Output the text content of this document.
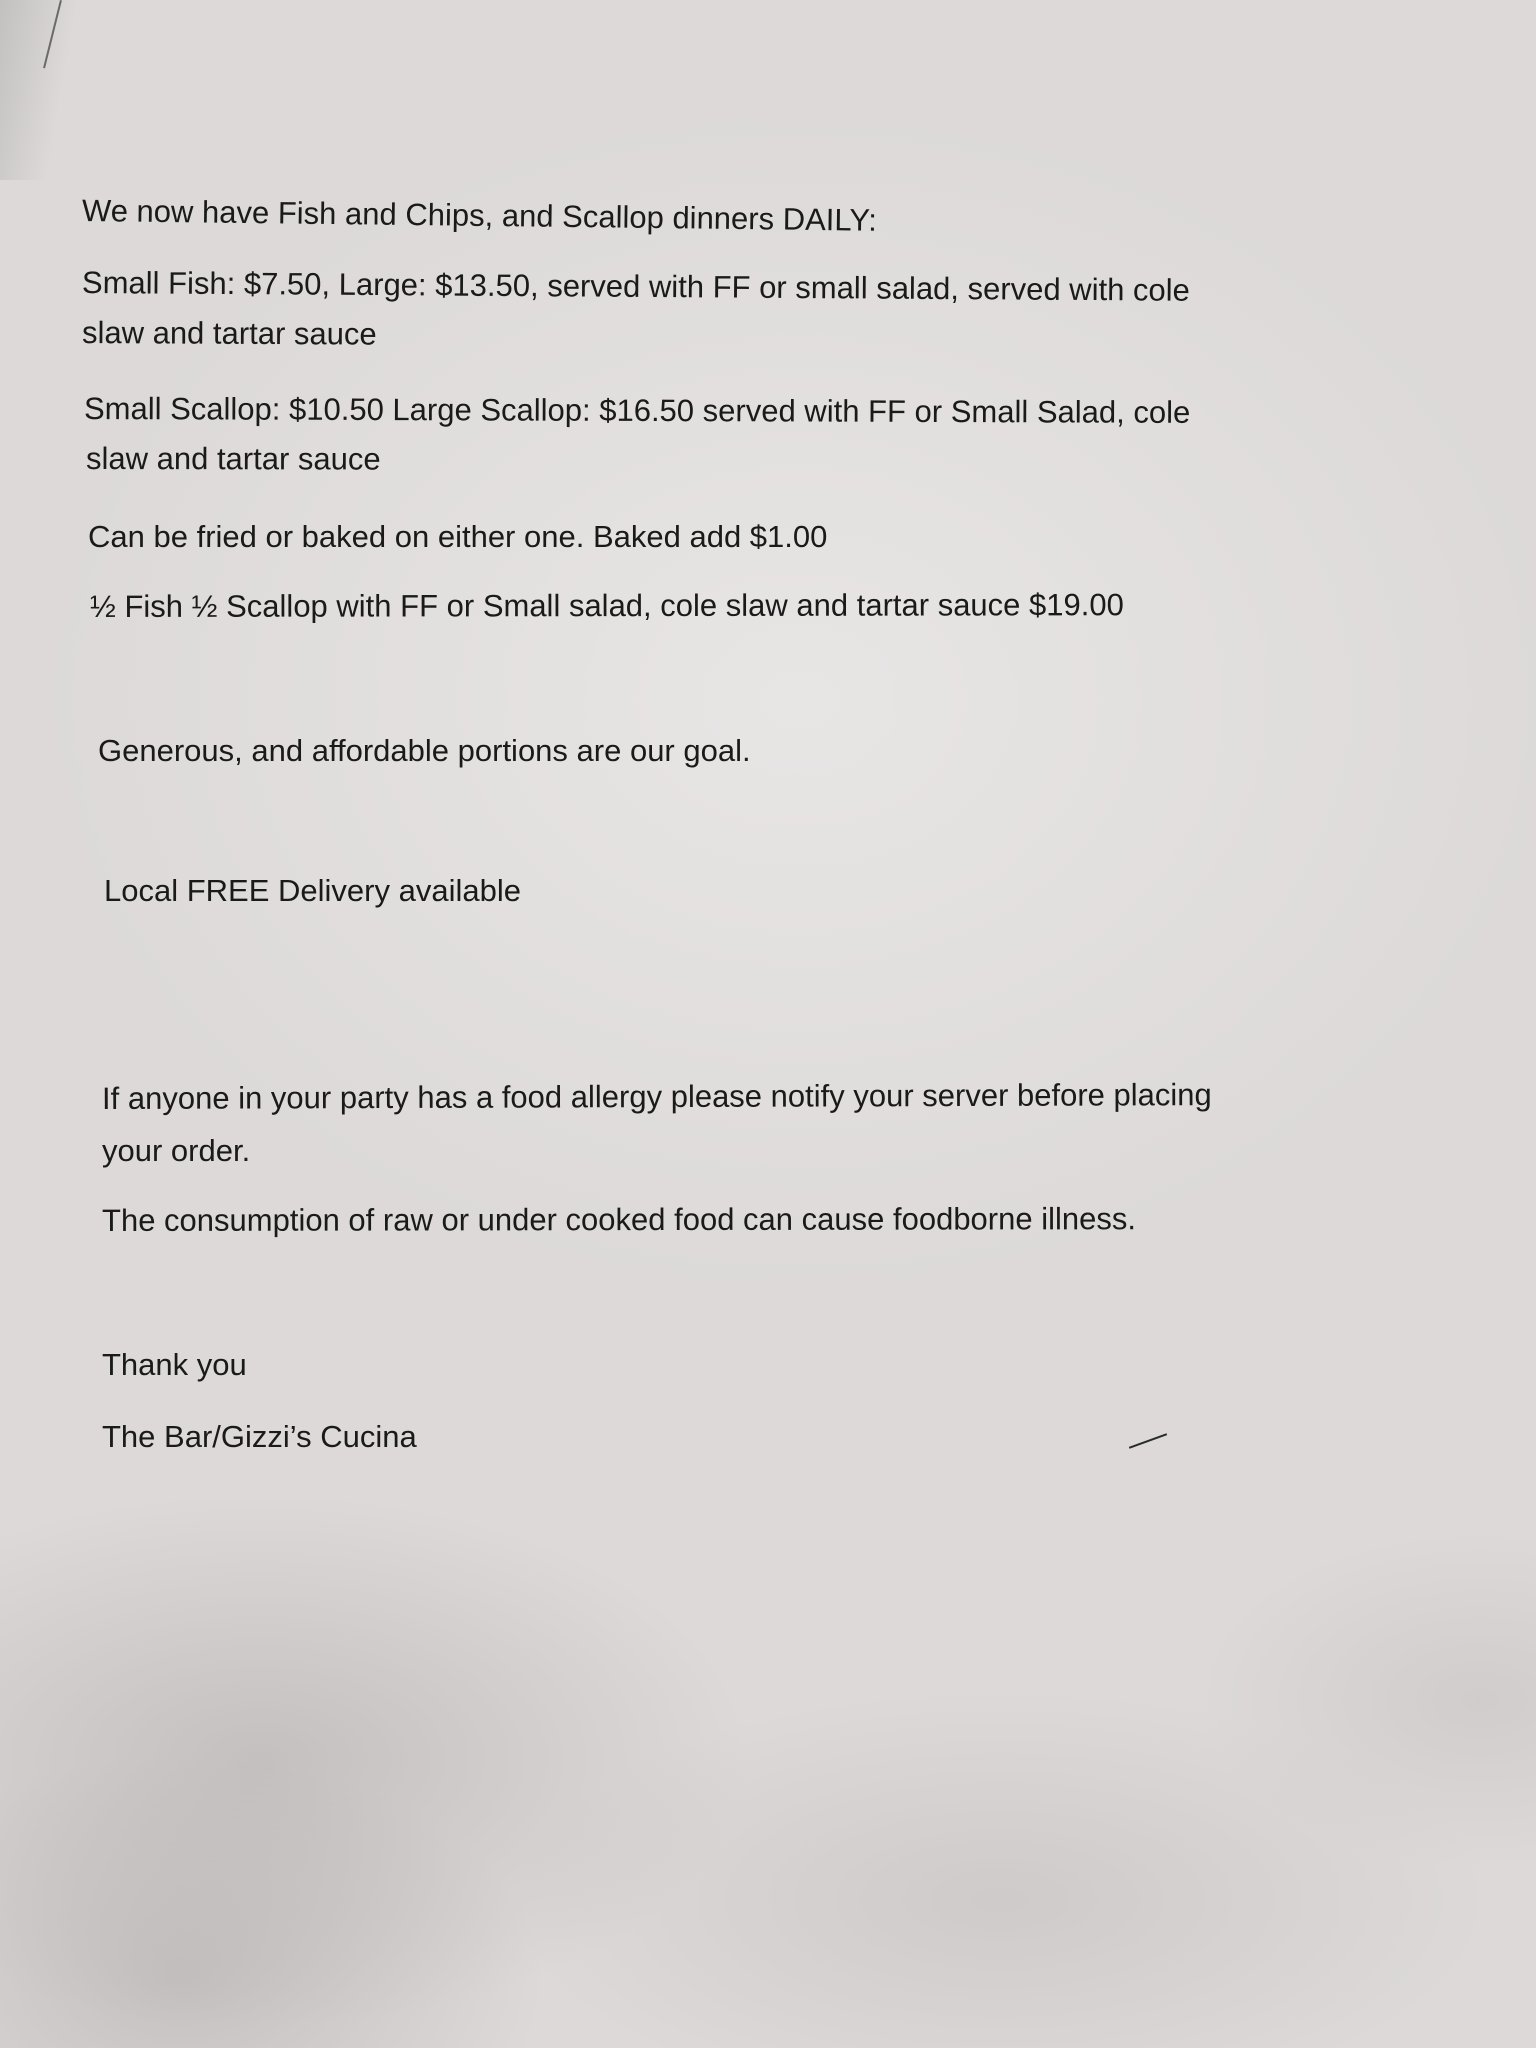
We now have Fish and Chips, and Scallop dinners DAILY:
Small Fish: $7.50, Large: $13.50, served with FF or small salad, served with cole
slaw and tartar sauce
Small Scallop: $10.50 Large Scallop: $16.50 served with FF or Small Salad, cole
slaw and tartar sauce
Can be fried or baked on either one. Baked add $1.00
½ Fish ½ Scallop with FF or Small salad, cole slaw and tartar sauce $19.00
Generous, and affordable portions are our goal.
Local FREE Delivery available
If anyone in your party has a food allergy please notify your server before placing
your order.
The consumption of raw or under cooked food can cause foodborne illness.
Thank you
The Bar/Gizzi’s Cucina
